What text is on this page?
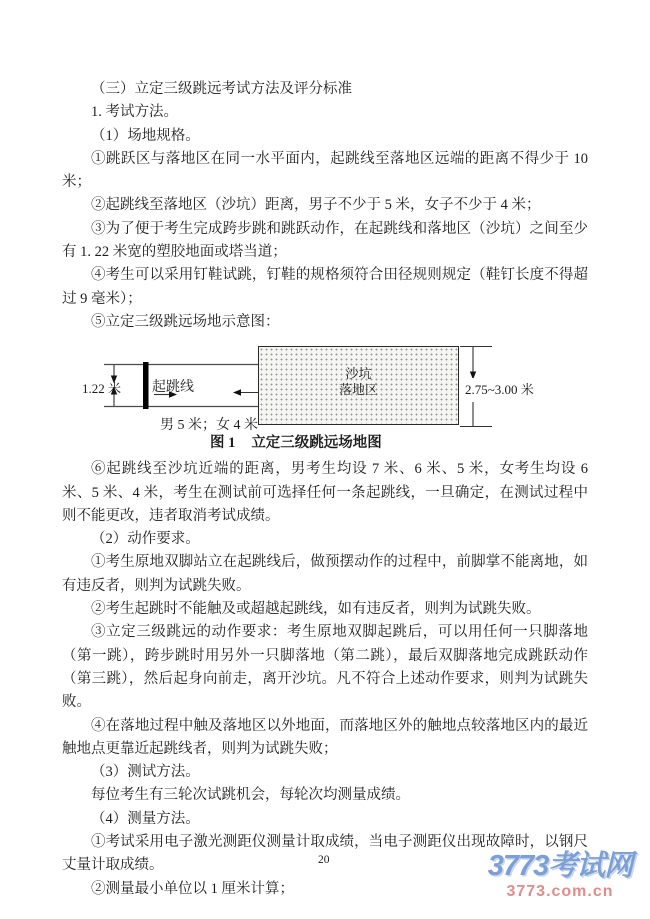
（三）立定三级跳远考试方法及评分标准

1. 考试方法。

（1）场地规格。

①跳跃区与落地区在同一水平面内，起跳线至落地区远端的距离不得少于 10 米；

②起跳线至落地区（沙坑）距离，男子不少于 5 米，女子不少于 4 米；

③为了便于考生完成跨步跳和跳跃动作，在起跳线和落地区（沙坑）之间至少有 1. 22 米宽的塑胶地面或塔当道；

④考生可以采用钉鞋试跳，钉鞋的规格须符合田径规则规定（鞋钉长度不得超过 9 毫米）；

⑤立定三级跳远场地示意图：

沙坑
落地区
1.22 米 起跳线	2.75~3.00 米
男 5 米；女 4 米
图 1 立定三级跳远场地图

⑥起跳线至沙坑近端的距离，男考生均设 7 米、6 米、5 米，女考生均设 6 米、5 米、4 米，考生在测试前可选择任何一条起跳线，一旦确定，在测试过程中则不能更改，违者取消考试成绩。

（2）动作要求。

①考生原地双脚站立在起跳线后，做预摆动作的过程中，前脚掌不能离地，如有违反者，则判为试跳失败。

②考生起跳时不能触及或超越起跳线，如有违反者，则判为试跳失败。

③立定三级跳远的动作要求：考生原地双脚起跳后，可以用任何一只脚落地（第一跳），跨步跳时用另外一只脚落地（第二跳），最后双脚落地完成跳跃动作（第三跳），然后起身向前走，离开沙坑。凡不符合上述动作要求，则判为试跳失败。

④在落地过程中触及落地区以外地面，而落地区外的触地点较落地区内的最近触地点更靠近起跳线者，则判为试跳失败；

（3）测试方法。

每位考生有三轮次试跳机会，每轮次均测量成绩。

（4）测量方法。

①考试采用电子激光测距仪测量计取成绩，当电子测距仪出现故障时，以钢尺丈量计取成绩。

②测量最小单位以 1 厘米计算；

20	3773考试网
3773.com.cn
